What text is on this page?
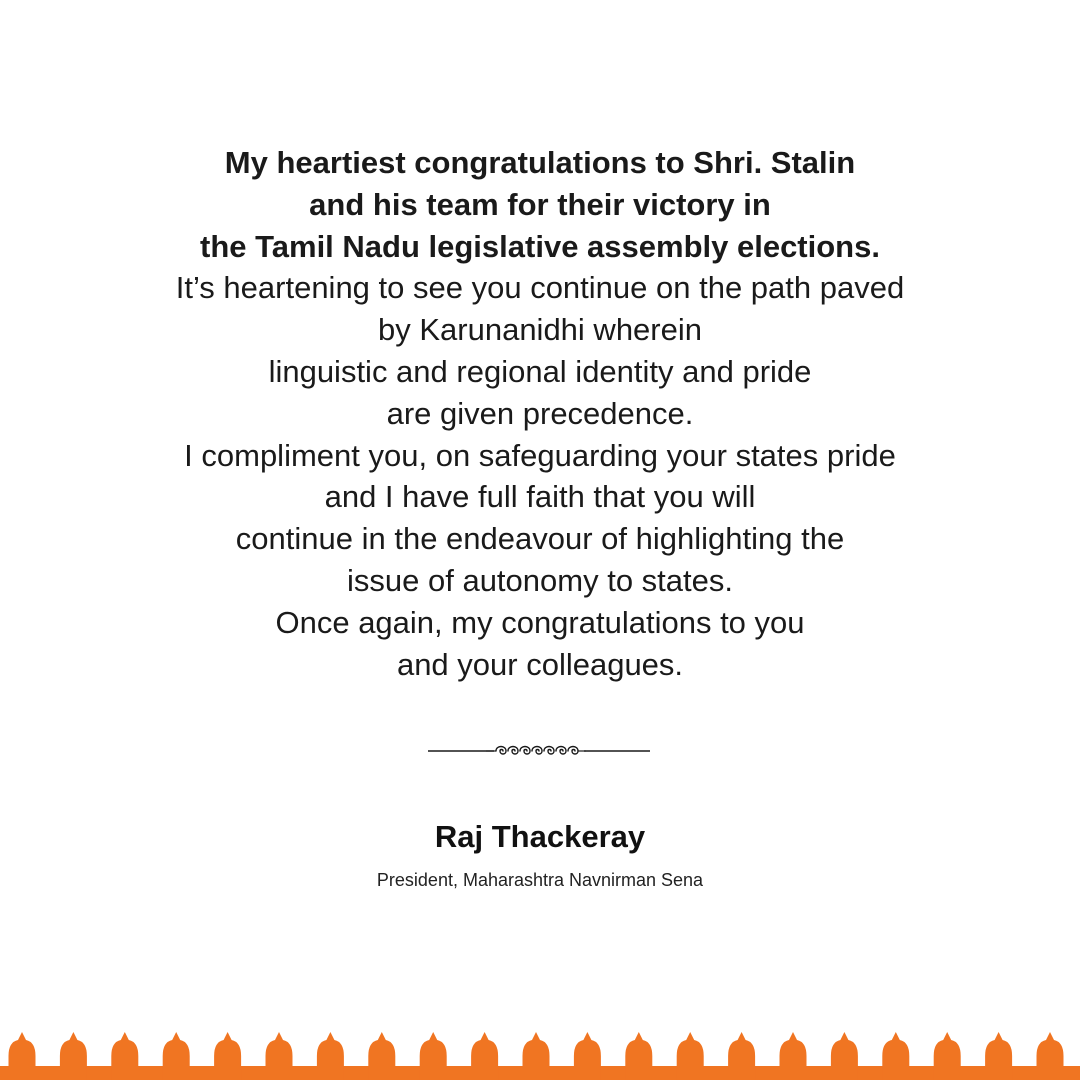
My heartiest congratulations to Shri. Stalin
and his team for their victory in
the Tamil Nadu legislative assembly elections.
It’s heartening to see you continue on the path paved
by Karunanidhi wherein
linguistic and regional identity and pride
are given precedence.
I compliment you, on safeguarding your states pride
and I have full faith that you will
continue in the endeavour of highlighting the
issue of autonomy to states.
Once again, my congratulations to you
and your colleagues.
Raj Thackeray
President, Maharashtra Navnirman Sena
